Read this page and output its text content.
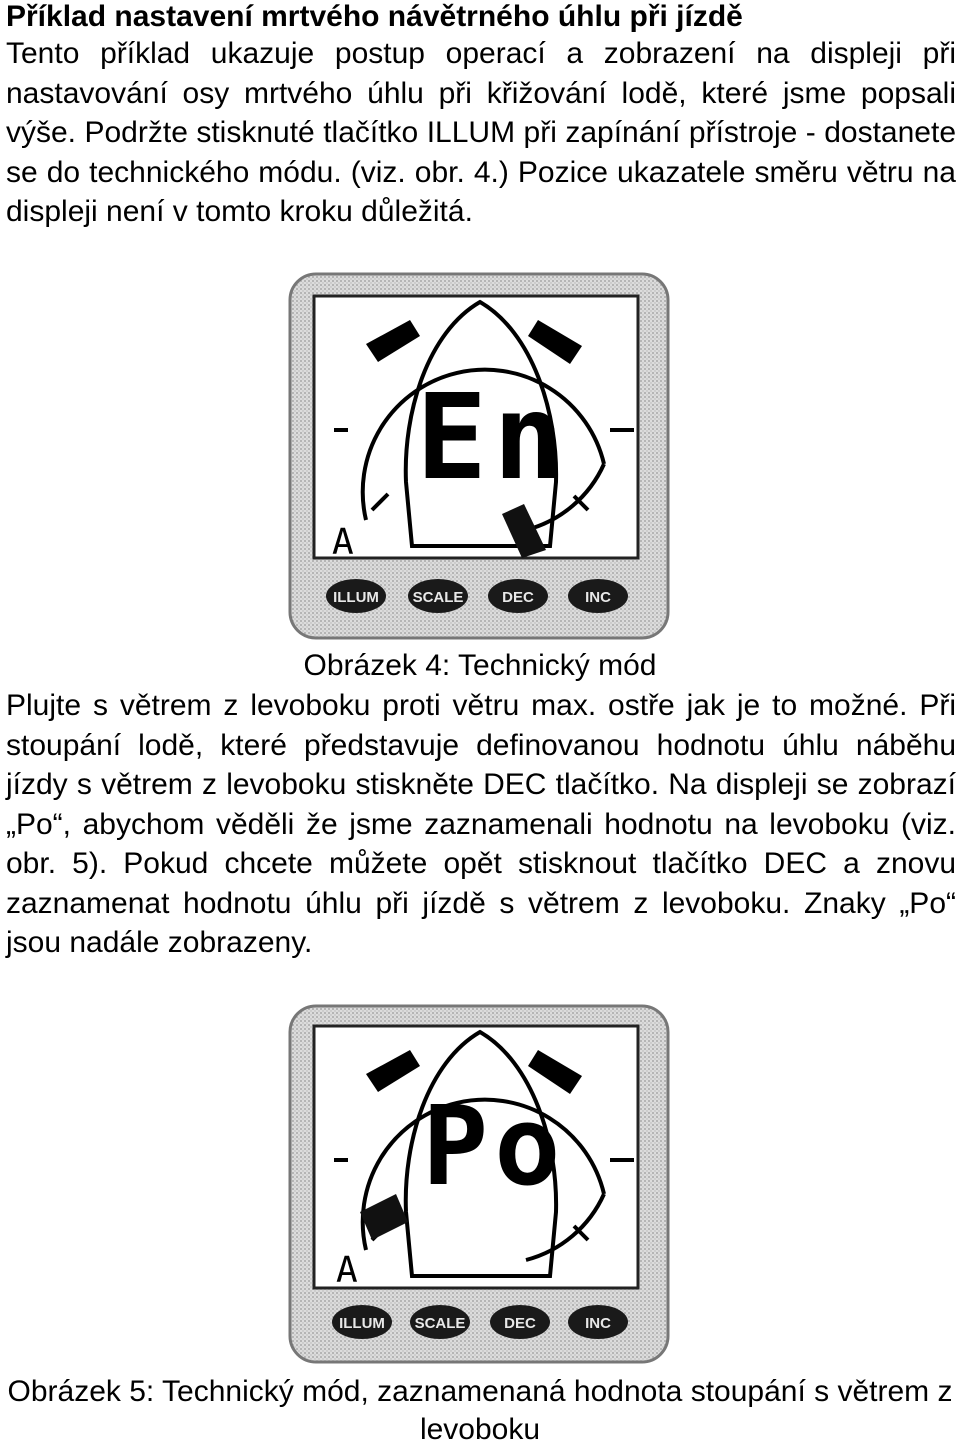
Příklad nastavení mrtvého návětrného úhlu při jízdě

Tento příklad ukazuje postup operací a zobrazení na displeji při nastavování osy mrtvého úhlu při křižování lodě, které jsme popsali výše. Podržte stisknuté tlačítko ILLUM při zapínání přístroje - dostanete se do technického módu. (viz. obr. 4.) Pozice ukazatele směru větru na displeji není v tomto kroku důležitá.

En
A
ILLUM SCALE	DEC	INC

Obrázek 4: Technický mód

Plujte s větrem z levoboku proti větru max. ostře jak je to možné. Při stoupání lodě, které představuje definovanou hodnotu úhlu náběhu jízdy s větrem z levoboku stiskněte DEC tlačítko. Na displeji se zobrazí „Po“, abychom věděli že jsme zaznamenali hodnotu na levoboku (viz. obr. 5). Pokud chcete můžete opět stisknout tlačítko DEC a znovu zaznamenat hodnotu úhlu při jízdě s větrem z levoboku. Znaky „Po“ jsou nadále zobrazeny.

Po
A
ILLUM SCALE	DEC	INC

Obrázek 5: Technický mód, zaznamenaná hodnota stoupání s větrem z levoboku
